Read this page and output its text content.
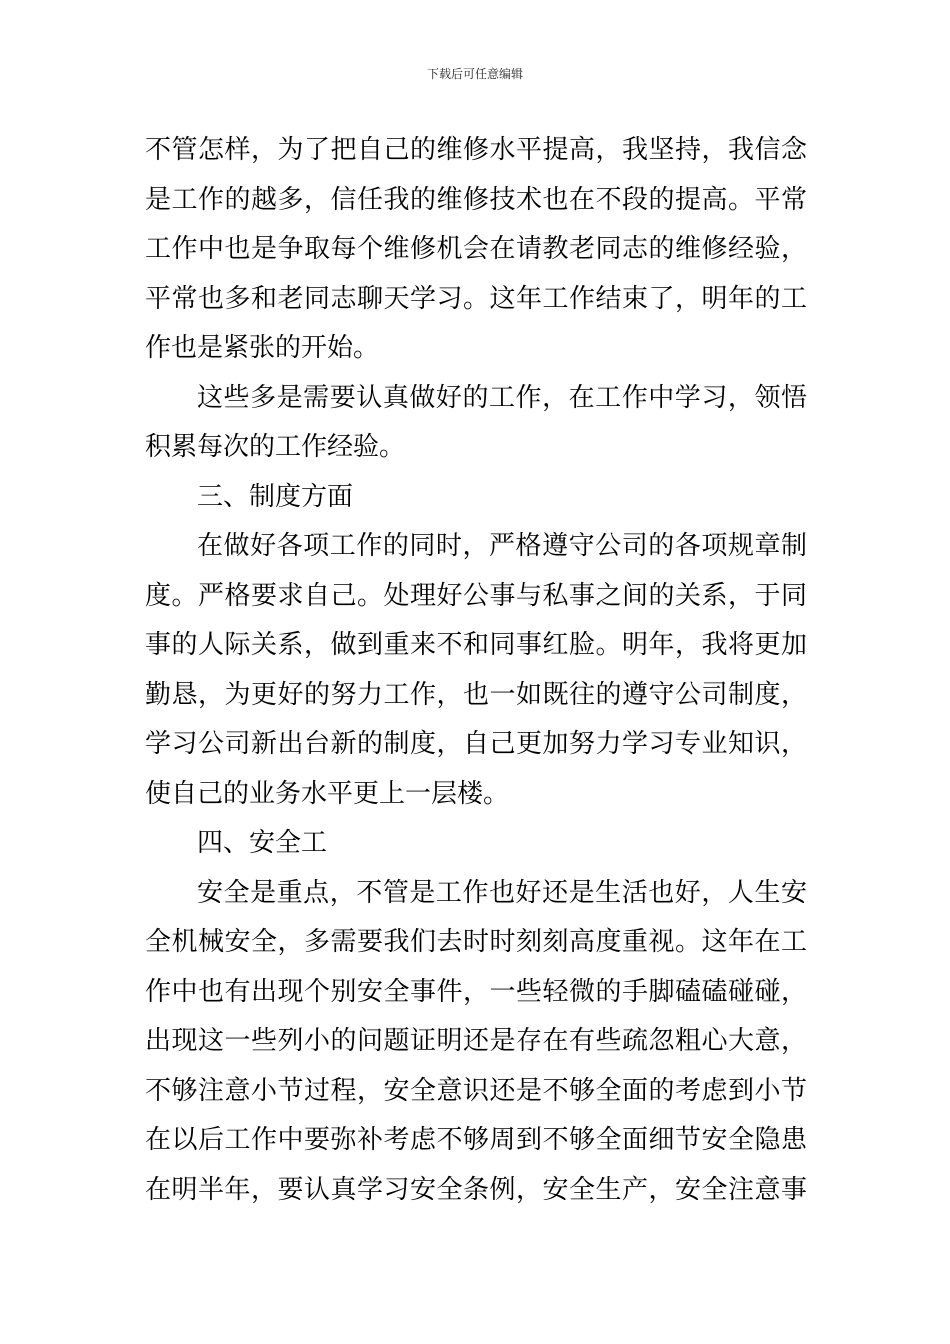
下载后可任意编辑
不管怎样，为了把自己的维修水平提高，我坚持，我信念
是工作的越多，信任我的维修技术也在不段的提高。平常
工作中也是争取每个维修机会在请教老同志的维修经验，
平常也多和老同志聊天学习。这年工作结束了，明年的工
作也是紧张的开始。
这些多是需要认真做好的工作，在工作中学习，领悟
积累每次的工作经验。
三、制度方面
在做好各项工作的同时，严格遵守公司的各项规章制
度。严格要求自己。处理好公事与私事之间的关系，于同
事的人际关系，做到重来不和同事红脸。明年，我将更加
勤恳，为更好的努力工作，也一如既往的遵守公司制度，
学习公司新出台新的制度，自己更加努力学习专业知识，
使自己的业务水平更上一层楼。
四、安全工
安全是重点，不管是工作也好还是生活也好，人生安
全机械安全，多需要我们去时时刻刻高度重视。这年在工
作中也有出现个别安全事件，一些轻微的手脚磕磕碰碰，
出现这一些列小的问题证明还是存在有些疏忽粗心大意，
不够注意小节过程，安全意识还是不够全面的考虑到小节
在以后工作中要弥补考虑不够周到不够全面细节安全隐患
在明半年，要认真学习安全条例，安全生产，安全注意事
